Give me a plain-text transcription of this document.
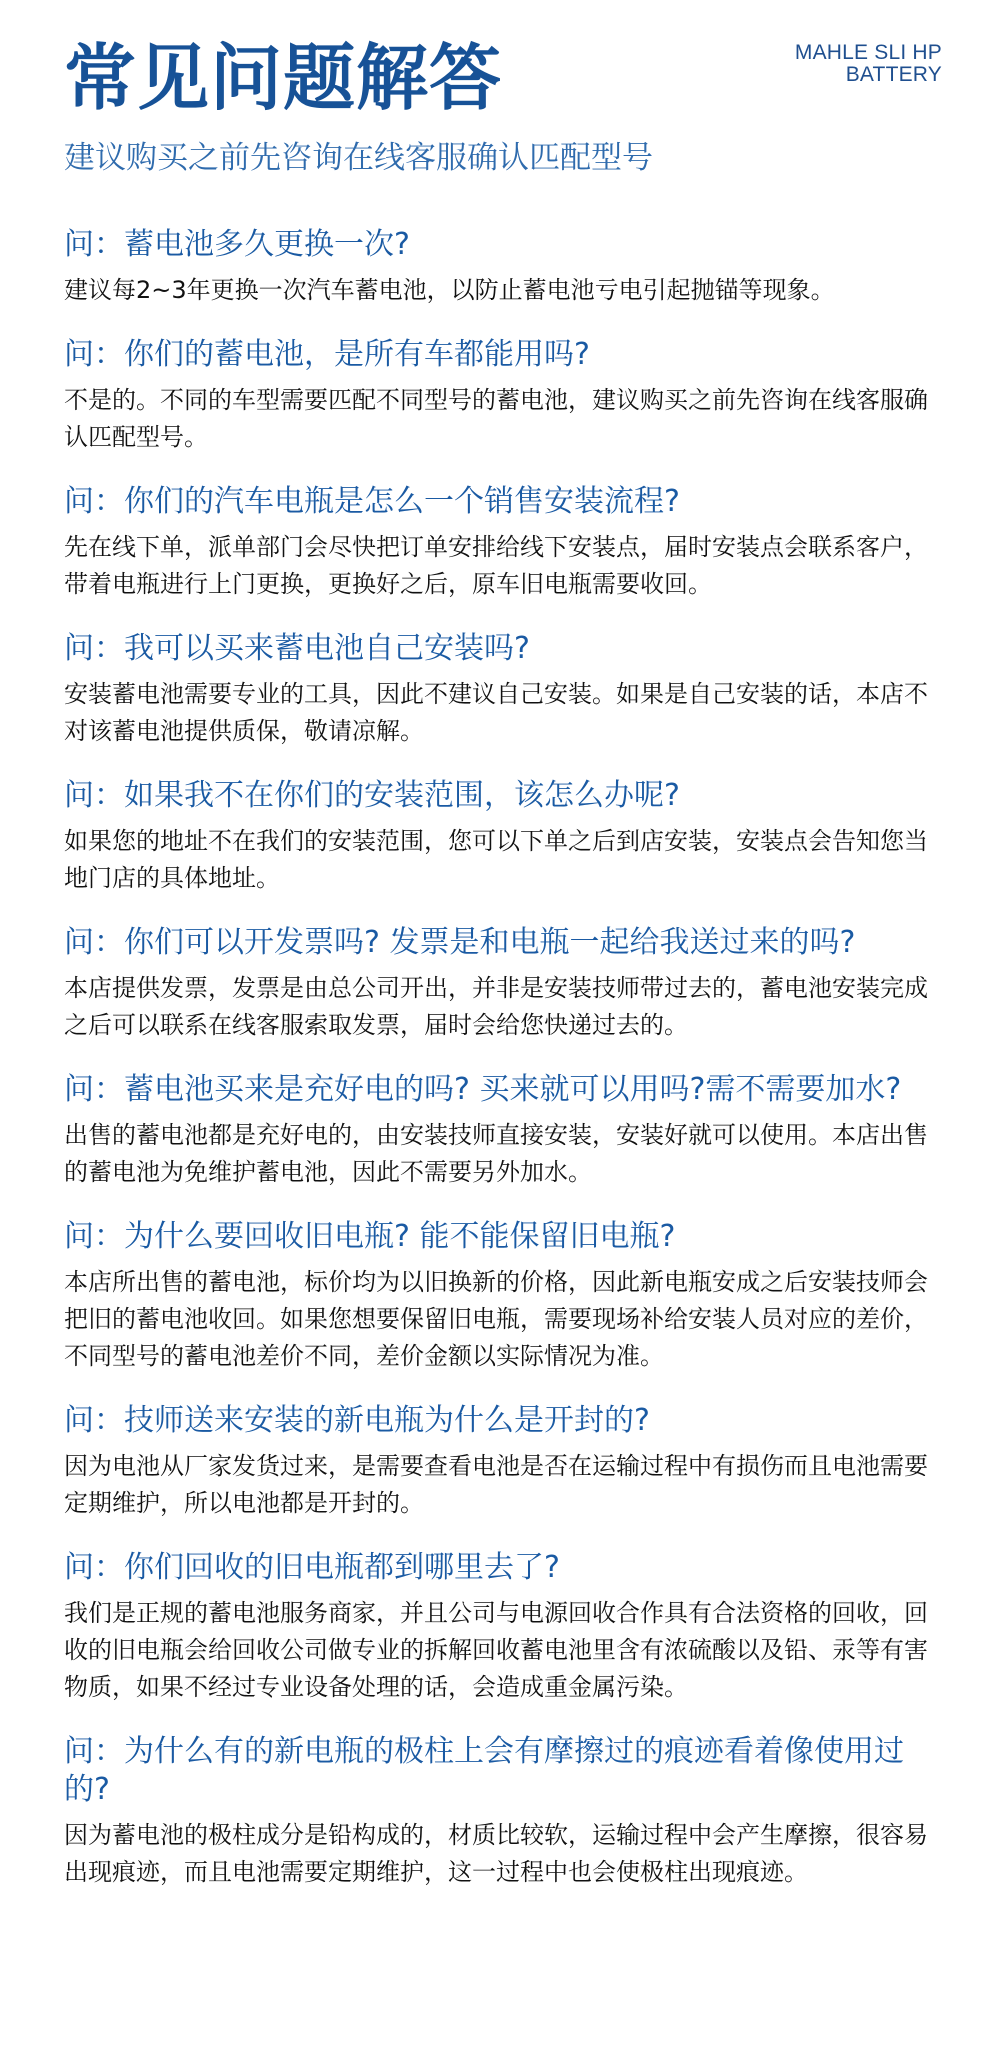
MAHLE SLI HP
BATTERY
常见问题解答
建议购买之前先咨询在线客服确认匹配型号
问：蓄电池多久更换一次?
建议每2~3年更换一次汽车蓄电池，以防止蓄电池亏电引起抛锚等现象。
问：你们的蓄电池，是所有车都能用吗?
不是的。不同的车型需要匹配不同型号的蓄电池，建议购买之前先咨询在线客服确认匹配型号。
问：你们的汽车电瓶是怎么一个销售安装流程?
先在线下单，派单部门会尽快把订单安排给线下安装点，届时安装点会联系客户，带着电瓶进行上门更换，更换好之后，原车旧电瓶需要收回。
问：我可以买来蓄电池自己安装吗?
安装蓄电池需要专业的工具，因此不建议自己安装。如果是自己安装的话，本店不对该蓄电池提供质保，敬请凉解。
问：如果我不在你们的安装范围，该怎么办呢?
如果您的地址不在我们的安装范围，您可以下单之后到店安装，安装点会告知您当地门店的具体地址。
问：你们可以开发票吗? 发票是和电瓶一起给我送过来的吗?
本店提供发票，发票是由总公司开出，并非是安装技师带过去的，蓄电池安装完成之后可以联系在线客服索取发票，届时会给您快递过去的。
问：蓄电池买来是充好电的吗? 买来就可以用吗?需不需要加水?
出售的蓄电池都是充好电的，由安装技师直接安装，安装好就可以使用。本店出售的蓄电池为免维护蓄电池，因此不需要另外加水。
问：为什么要回收旧电瓶? 能不能保留旧电瓶?
本店所出售的蓄电池，标价均为以旧换新的价格，因此新电瓶安成之后安装技师会把旧的蓄电池收回。如果您想要保留旧电瓶，需要现场补给安装人员对应的差价，不同型号的蓄电池差价不同，差价金额以实际情况为准。
问：技师送来安装的新电瓶为什么是开封的?
因为电池从厂家发货过来，是需要查看电池是否在运输过程中有损伤而且电池需要定期维护，所以电池都是开封的。
问：你们回收的旧电瓶都到哪里去了?
我们是正规的蓄电池服务商家，并且公司与电源回收合作具有合法资格的回收，回收的旧电瓶会给回收公司做专业的拆解回收蓄电池里含有浓硫酸以及铅、汞等有害物质，如果不经过专业设备处理的话，会造成重金属污染。
问：为什么有的新电瓶的极柱上会有摩擦过的痕迹看着像使用过的?
因为蓄电池的极柱成分是铅构成的，材质比较软，运输过程中会产生摩擦，很容易出现痕迹，而且电池需要定期维护，这一过程中也会使极柱出现痕迹。
